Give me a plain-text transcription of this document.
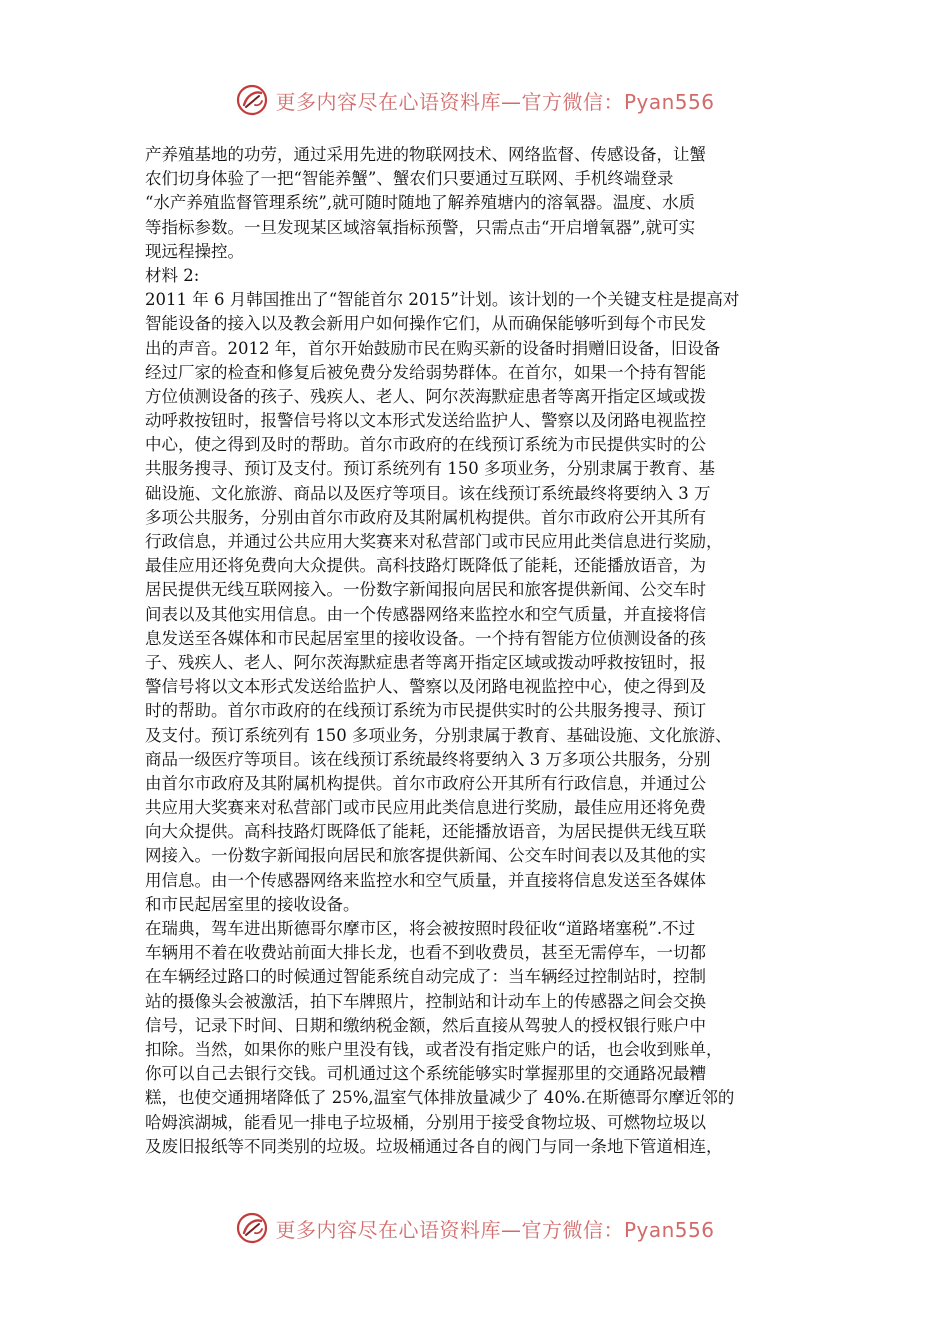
更多内容尽在心语资料库—官方微信：Pyan556
产养殖基地的功劳，通过采用先进的物联网技术、网络监督、传感设备，让蟹
农们切身体验了一把“智能养蟹”、蟹农们只要通过互联网、手机终端登录
“水产养殖监督管理系统”,就可随时随地了解养殖塘内的溶氧器。温度、水质
等指标参数。一旦发现某区域溶氧指标预警，只需点击“开启增氧器”,就可实
现远程操控。
材料 2:
2011 年 6 月韩国推出了“智能首尔 2015”计划。该计划的一个关键支柱是提高对
智能设备的接入以及教会新用户如何操作它们，从而确保能够听到每个市民发
出的声音。2012 年，首尔开始鼓励市民在购买新的设备时捐赠旧设备，旧设备
经过厂家的检查和修复后被免费分发给弱势群体。在首尔，如果一个持有智能
方位侦测设备的孩子、残疾人、老人、阿尔茨海默症患者等离开指定区域或拨
动呼救按钮时，报警信号将以文本形式发送给监护人、警察以及闭路电视监控
中心，使之得到及时的帮助。首尔市政府的在线预订系统为市民提供实时的公
共服务搜寻、预订及支付。预订系统列有 150 多项业务，分别隶属于教育、基
础设施、文化旅游、商品以及医疗等项目。该在线预订系统最终将要纳入 3 万
多项公共服务，分别由首尔市政府及其附属机构提供。首尔市政府公开其所有
行政信息，并通过公共应用大奖赛来对私营部门或市民应用此类信息进行奖励，
最佳应用还将免费向大众提供。高科技路灯既降低了能耗，还能播放语音，为
居民提供无线互联网接入。一份数字新闻报向居民和旅客提供新闻、公交车时
间表以及其他实用信息。由一个传感器网络来监控水和空气质量，并直接将信
息发送至各媒体和市民起居室里的接收设备。一个持有智能方位侦测设备的孩
子、残疾人、老人、阿尔茨海默症患者等离开指定区域或拨动呼救按钮时，报
警信号将以文本形式发送给监护人、警察以及闭路电视监控中心，使之得到及
时的帮助。首尔市政府的在线预订系统为市民提供实时的公共服务搜寻、预订
及支付。预订系统列有 150 多项业务，分别隶属于教育、基础设施、文化旅游、
商品一级医疗等项目。该在线预订系统最终将要纳入 3 万多项公共服务，分别
由首尔市政府及其附属机构提供。首尔市政府公开其所有行政信息，并通过公
共应用大奖赛来对私营部门或市民应用此类信息进行奖励，最佳应用还将免费
向大众提供。高科技路灯既降低了能耗，还能播放语音，为居民提供无线互联
网接入。一份数字新闻报向居民和旅客提供新闻、公交车时间表以及其他的实
用信息。由一个传感器网络来监控水和空气质量，并直接将信息发送至各媒体
和市民起居室里的接收设备。
在瑞典，驾车进出斯德哥尔摩市区，将会被按照时段征收“道路堵塞税”.不过
车辆用不着在收费站前面大排长龙，也看不到收费员，甚至无需停车，一切都
在车辆经过路口的时候通过智能系统自动完成了：当车辆经过控制站时，控制
站的摄像头会被激活，拍下车牌照片，控制站和计动车上的传感器之间会交换
信号，记录下时间、日期和缴纳税金额，然后直接从驾驶人的授权银行账户中
扣除。当然，如果你的账户里没有钱，或者没有指定账户的话，也会收到账单，
你可以自己去银行交钱。司机通过这个系统能够实时掌握那里的交通路况最糟
糕，也使交通拥堵降低了 25%,温室气体排放量减少了 40%.在斯德哥尔摩近邻的
哈姆滨湖城，能看见一排电子垃圾桶，分别用于接受食物垃圾、可燃物垃圾以
及废旧报纸等不同类别的垃圾。垃圾桶通过各自的阀门与同一条地下管道相连，
更多内容尽在心语资料库—官方微信：Pyan556
